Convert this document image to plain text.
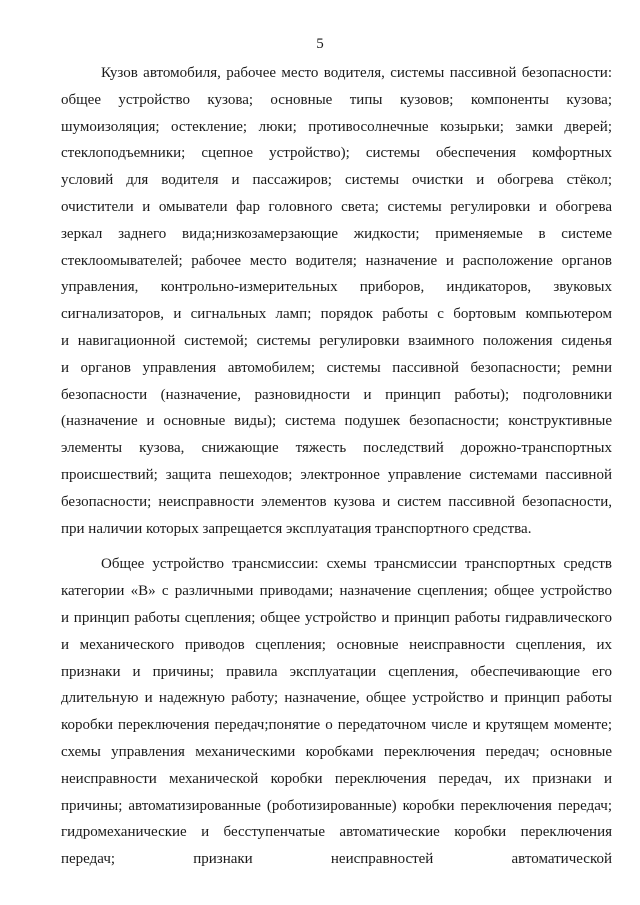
5

Кузов автомобиля, рабочее место водителя, системы пассивной безопасности:
общее устройство кузова; основные типы кузовов; компоненты кузова;
шумоизоляция; остекление; люки; противосолнечные козырьки; замки дверей;
стеклоподъемники; сцепное устройство); системы обеспечения комфортных
условий для водителя и пассажиров; системы очистки и обогрева стёкол;
очистители и омыватели фар головного света; системы регулировки и обогрева
зеркал заднего вида;низкозамерзающие жидкости; применяемые в системе
стеклоомывателей; рабочее место водителя; назначение и расположение органов
управления, контрольно-измерительных приборов, индикаторов, звуковых
сигнализаторов, и сигнальных ламп; порядок работы с бортовым компьютером
и навигационной системой; системы регулировки взаимного положения сиденья
и органов управления автомобилем; системы пассивной безопасности; ремни
безопасности (назначение, разновидности и принцип работы); подголовники
(назначение и основные виды); система подушек безопасности; конструктивные
элементы кузова, снижающие тяжесть последствий дорожно-транспортных
происшествий; защита пешеходов; электронное управление системами пассивной
безопасности; неисправности элементов кузова и систем пассивной безопасности,
при наличии которых запрещается эксплуатация транспортного средства.

Общее устройство трансмиссии: схемы трансмиссии транспортных средств
категории «В» с различными приводами; назначение сцепления; общее устройство
и принцип работы сцепления; общее устройство и принцип работы гидравлического
и механического приводов сцепления; основные неисправности сцепления, их
признаки и причины; правила эксплуатации сцепления, обеспечивающие его
длительную и надежную работу; назначение, общее устройство и принцип работы
коробки переключения передач;понятие о передаточном числе и крутящем моменте;
схемы управления механическими коробками переключения передач; основные
неисправности механической коробки переключения передач, их признаки и
причины; автоматизированные (роботизированные) коробки переключения передач;
гидромеханические и бесступенчатые автоматические коробки переключения
передач; признаки неисправностей автоматической
